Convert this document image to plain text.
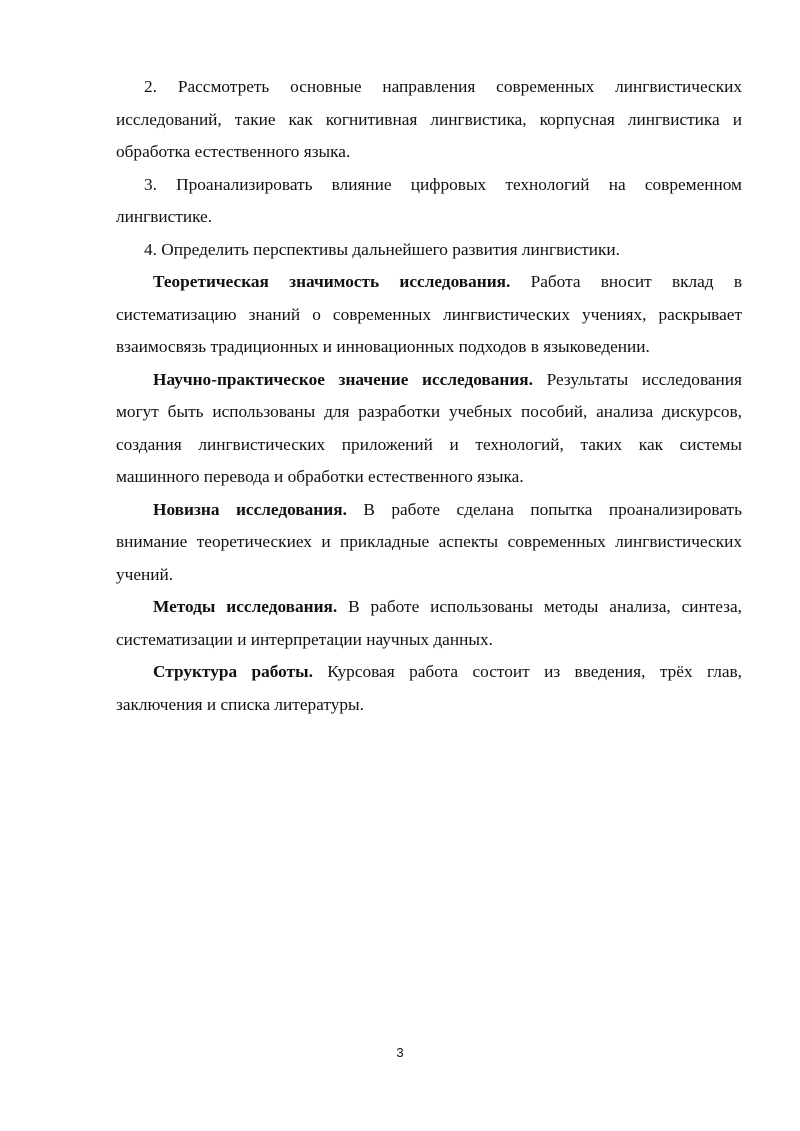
2. Рассмотреть основные направления современных лингвистических исследований, такие как когнитивная лингвистика, корпусная лингвистика и обработка естественного языка.

3. Проанализировать влияние цифровых технологий на современном лингвистике.

4. Определить перспективы дальнейшего развития лингвистики.

Теоретическая значимость исследования. Работа вносит вклад в систематизацию знаний о современных лингвистических учениях, раскрывает взаимосвязь традиционных и инновационных подходов в языковедении.

Научно-практическое значение исследования. Результаты исследования могут быть использованы для разработки учебных пособий, анализа дискурсов, создания лингвистических приложений и технологий, таких как системы машинного перевода и обработки естественного языка.

Новизна исследования. В работе сделана попытка проанализировать внимание теоретическиех и прикладные аспекты современных лингвистических учений.

Методы исследования. В работе использованы методы анализа, синтеза, систематизации и интерпретации научных данных.

Структура работы. Курсовая работа состоит из введения, трёх глав, заключения и списка литературы.

3
